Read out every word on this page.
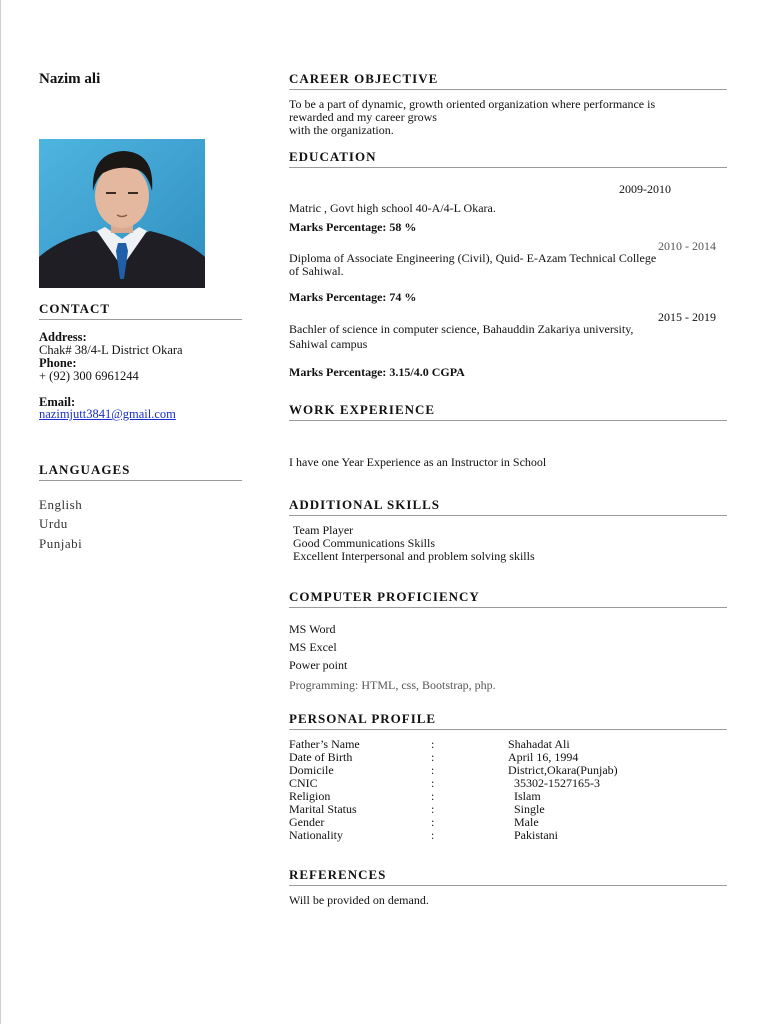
Nazim ali
CONTACT
Address:
Chak# 38/4-L District Okara
Phone:
+ (92) 300 6961244
Email:
nazimjutt3841@gmail.com
LANGUAGES
English
Urdu
Punjabi
CAREER OBJECTIVE
To be a part of dynamic, growth oriented organization where performance is
rewarded and my career grows
with the organization.
EDUCATION
2009-2010
Matric , Govt high school 40-A/4-L Okara.
Marks Percentage: 58 %
2010 - 2014
Diploma of Associate Engineering (Civil), Quid- E-Azam Technical College
of Sahiwal.
Marks Percentage: 74 %
2015 - 2019
Bachler of science in computer science, Bahauddin Zakariya university,
Sahiwal campus
Marks Percentage: 3.15/4.0 CGPA
WORK EXPERIENCE
I have one Year Experience as an Instructor in School
ADDITIONAL SKILLS
Team Player
Good Communications Skills
Excellent Interpersonal and problem solving skills
COMPUTER PROFICIENCY
MS Word
MS Excel
Power point
Programming: HTML, css, Bootstrap, php.
PERSONAL PROFILE
Father’s Name	:	Shahadat Ali
Date of Birth	:	April 16, 1994
Domicile	:	District,Okara(Punjab)
CNIC	:	35302-1527165-3
Religion	:	Islam
Marital Status	:	Single
Gender	:	Male
Nationality	:	Pakistani
REFERENCES
Will be provided on demand.
